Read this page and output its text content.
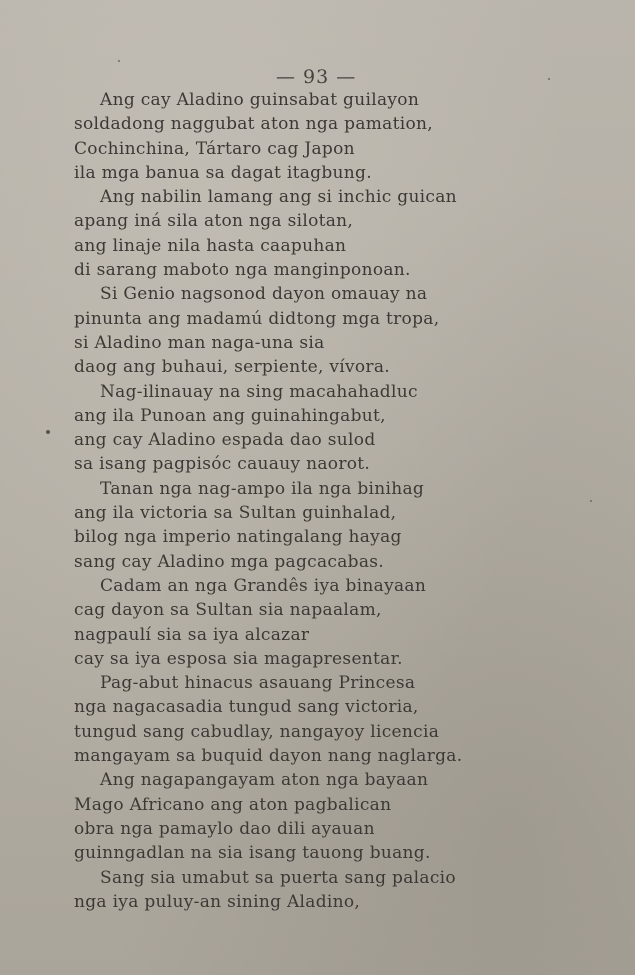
— 93 —
Ang cay Aladino guinsabat guilayon
soldadong naggubat aton nga pamation,
Cochinchina, Tártaro cag Japon
ila mga banua sa dagat itagbung.
Ang nabilin lamang ang si inchic guican
apang iná sila aton nga silotan,
ang linaje nila hasta caapuhan
di sarang maboto nga manginponoan.
Si Genio nagsonod dayon omauay na
pinunta ang madamú didtong mga tropa,
si Aladino man naga-una sia
daog ang buhaui, serpiente, vívora.
Nag-ilinauay na sing macahahadluc
ang ila Punoan ang guinahingabut,
ang cay Aladino espada dao sulod
sa isang pagpisóc cauauy naorot.
Tanan nga nag-ampo ila nga binihag
ang ila victoria sa Sultan guinhalad,
bilog nga imperio natingalang hayag
sang cay Aladino mga pagcacabas.
Cadam an nga Grandês iya binayaan
cag dayon sa Sultan sia napaalam,
nagpaulí sia sa iya alcazar
cay sa iya esposa sia magapresentar.
Pag-abut hinacus asauang Princesa
nga nagacasadia tungud sang victoria,
tungud sang cabudlay, nangayoy licencia
mangayam sa buquid dayon nang naglarga.
Ang nagapangayam aton nga bayaan
Mago Africano ang aton pagbalican
obra nga pamaylo dao dili ayauan
guinngadlan na sia isang tauong buang.
Sang sia umabut sa puerta sang palacio
nga iya puluy-an sining Aladino,
